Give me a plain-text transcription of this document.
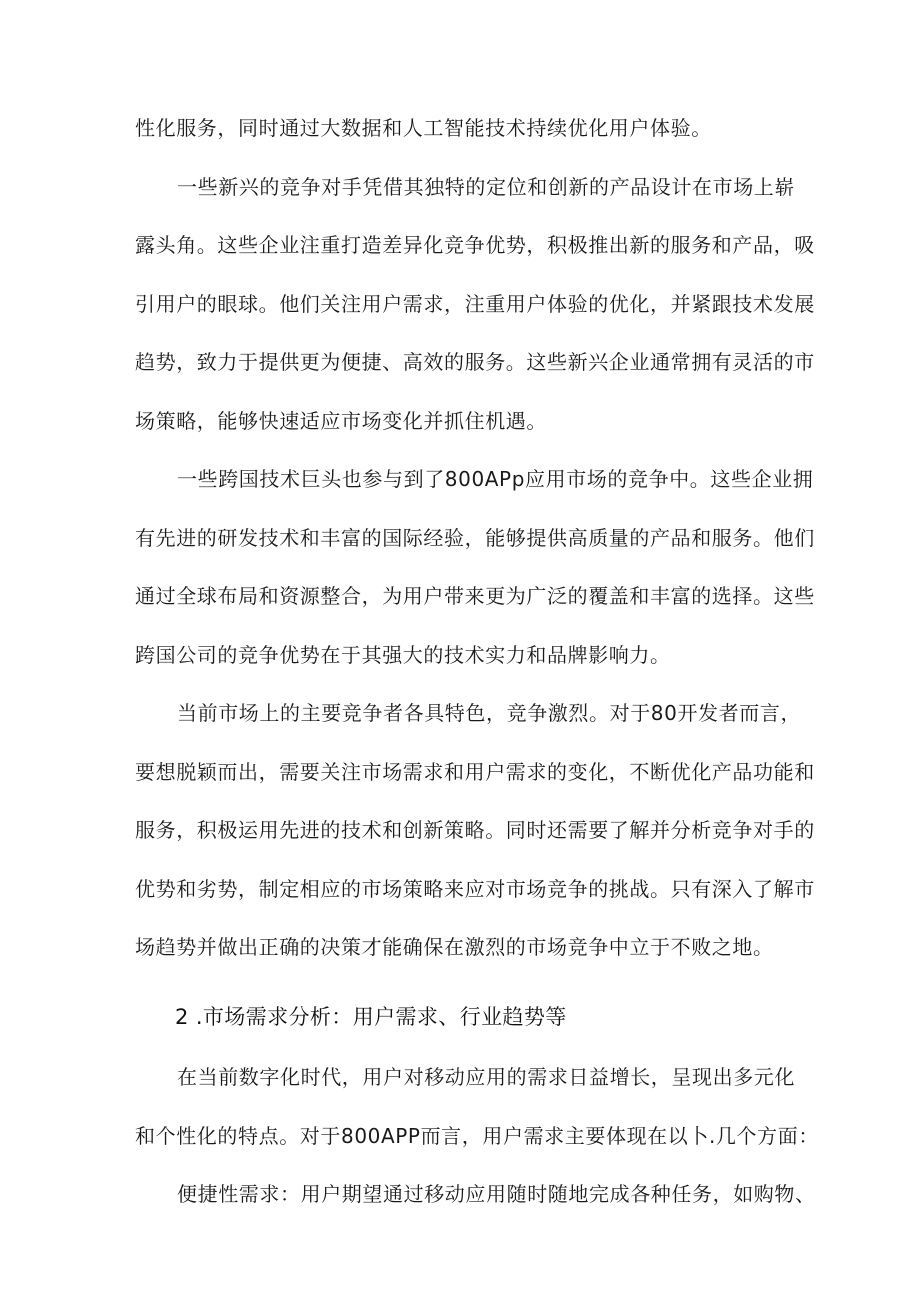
性化服务，同时通过大数据和人工智能技术持续优化用户体验。
一些新兴的竞争对手凭借其独特的定位和创新的产品设计在市场上崭
露头角。这些企业注重打造差异化竞争优势，积极推出新的服务和产品，吸
引用户的眼球。他们关注用户需求，注重用户体验的优化，并紧跟技术发展
趋势，致力于提供更为便捷、高效的服务。这些新兴企业通常拥有灵活的市
场策略，能够快速适应市场变化并抓住机遇。
一些跨国技术巨头也参与到了800APp应用市场的竞争中。这些企业拥
有先进的研发技术和丰富的国际经验，能够提供高质量的产品和服务。他们
通过全球布局和资源整合，为用户带来更为广泛的覆盖和丰富的选择。这些
跨国公司的竞争优势在于其强大的技术实力和品牌影响力。
当前市场上的主要竞争者各具特色，竞争激烈。对于80开发者而言，
要想脱颖而出，需要关注市场需求和用户需求的变化，不断优化产品功能和
服务，积极运用先进的技术和创新策略。同时还需要了解并分析竞争对手的
优势和劣势，制定相应的市场策略来应对市场竞争的挑战。只有深入了解市
场趋势并做出正确的决策才能确保在激烈的市场竞争中立于不败之地。
2 .市场需求分析：用户需求、行业趋势等
在当前数字化时代，用户对移动应用的需求日益增长，呈现出多元化
和个性化的特点。对于800APP而言，用户需求主要体现在以卜.几个方面：
便捷性需求：用户期望通过移动应用随时随地完成各种任务，如购物、
